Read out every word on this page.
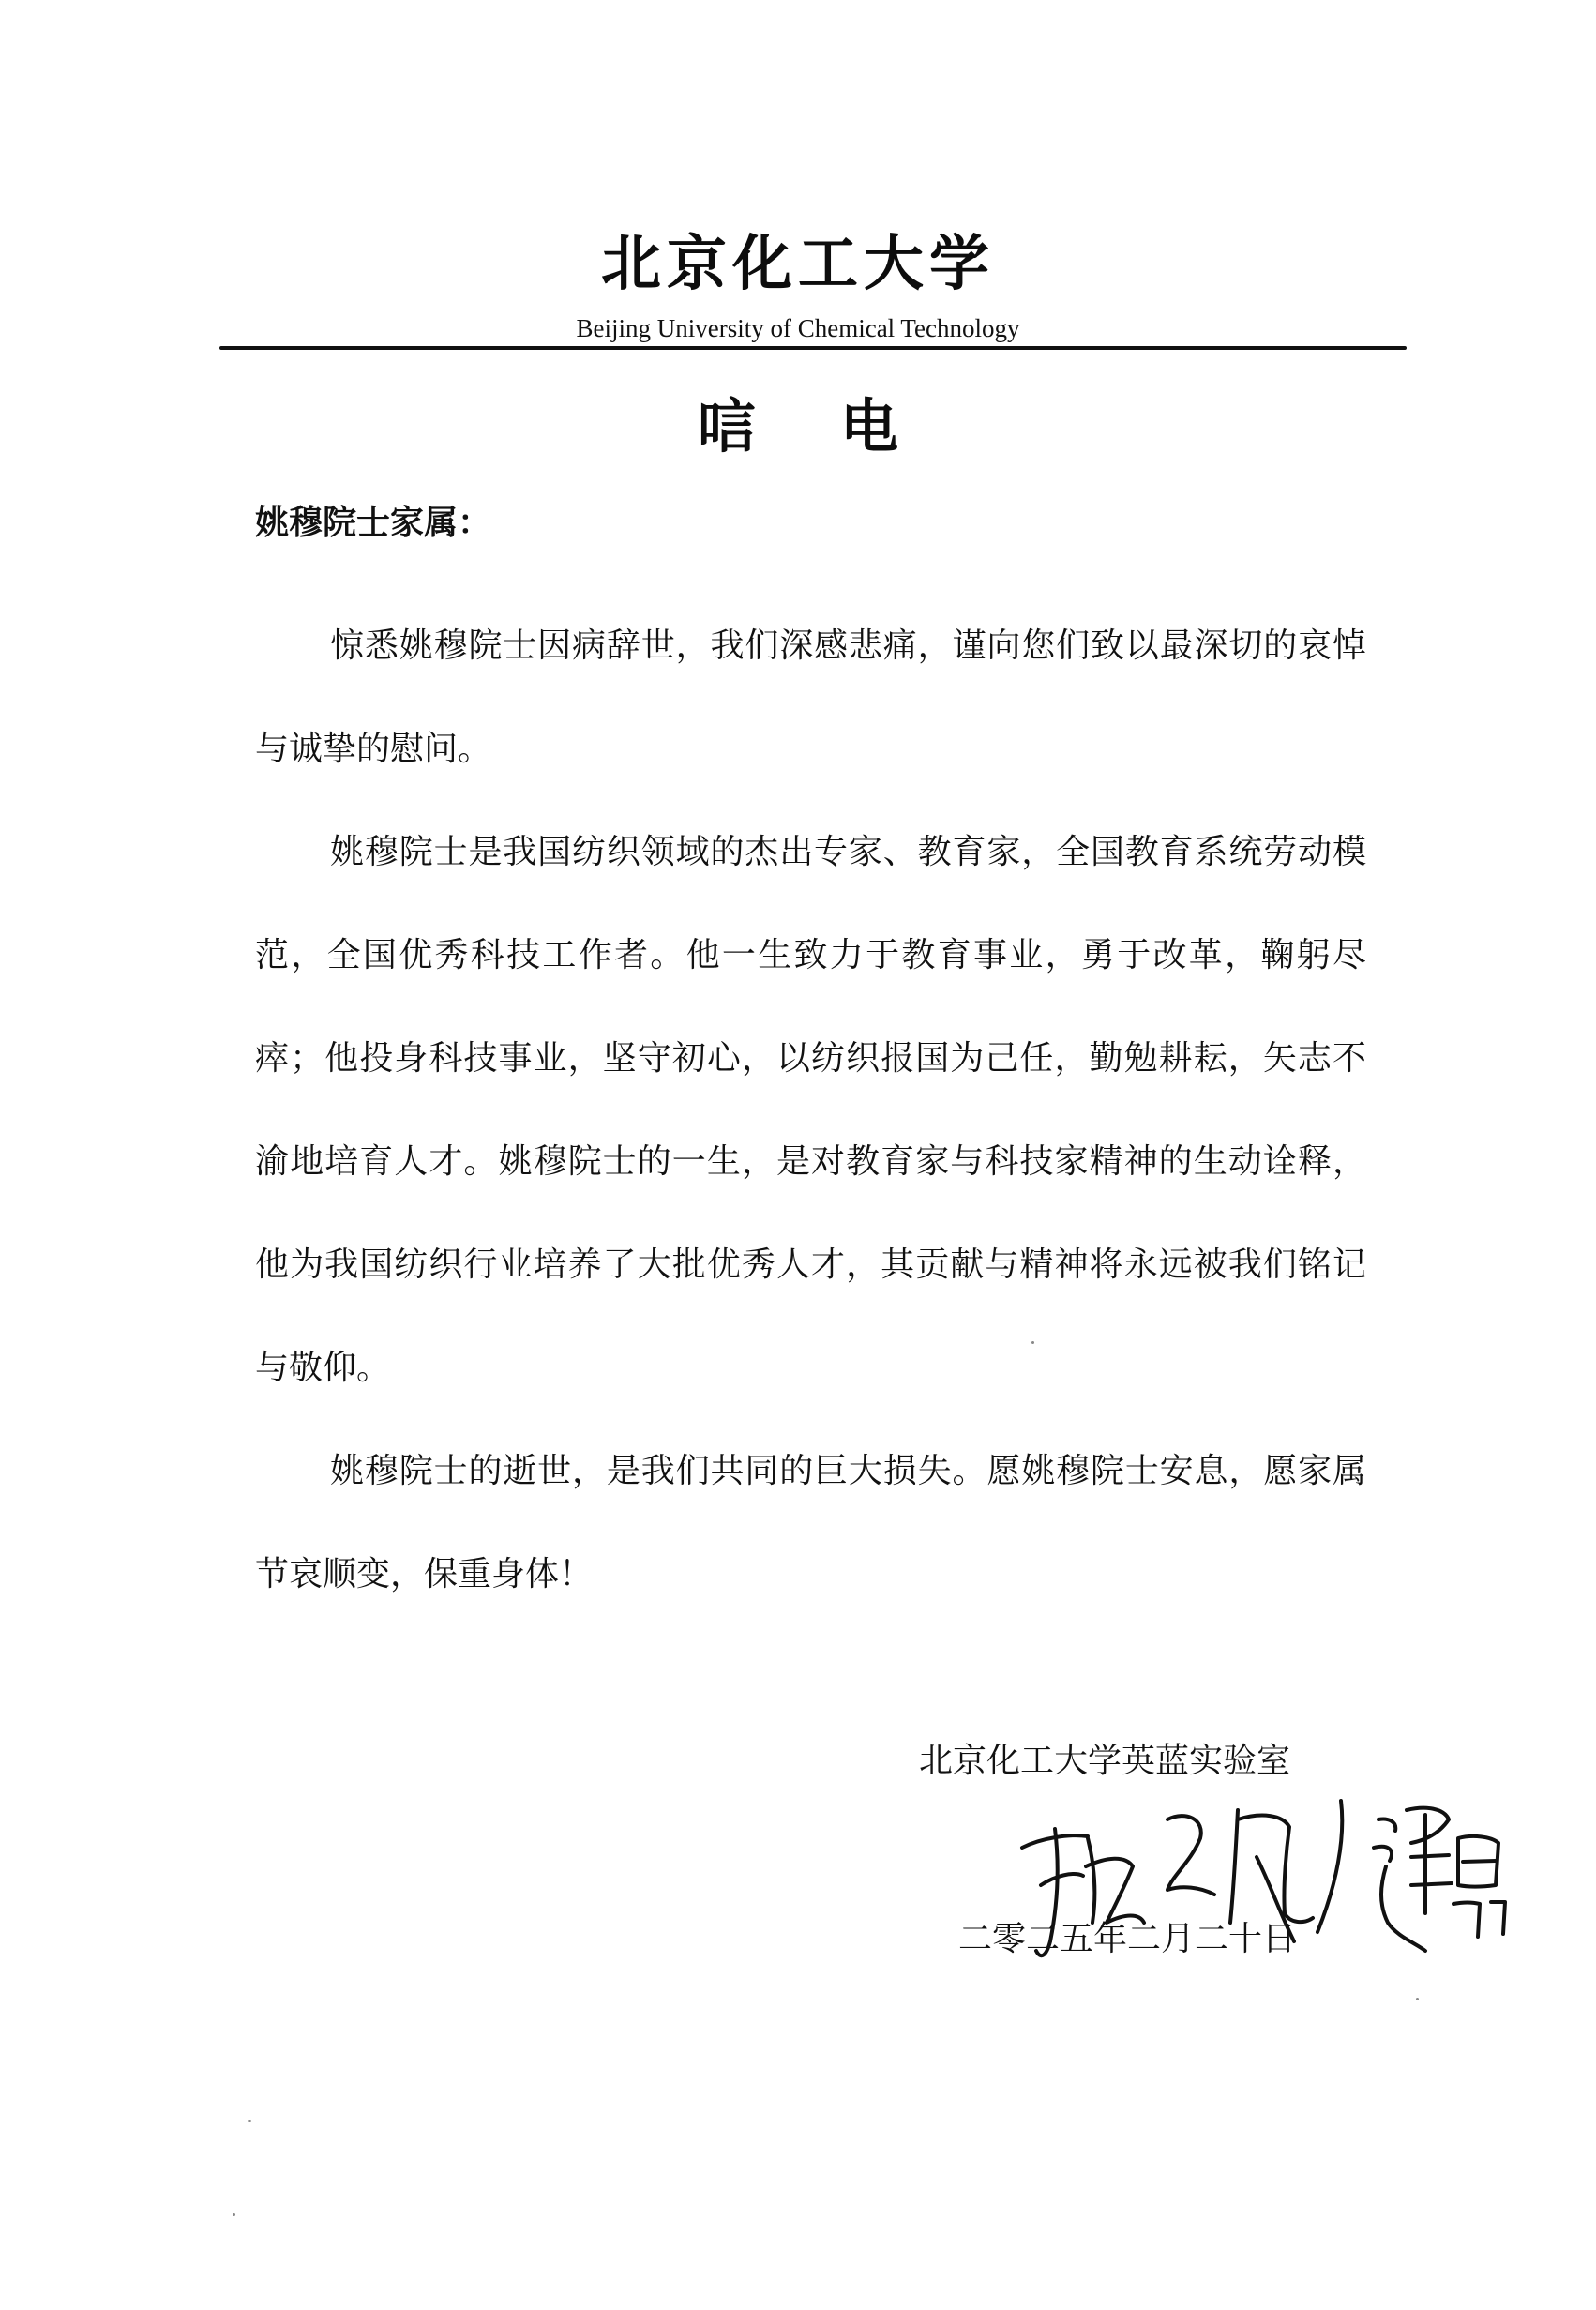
北京化工大学
Beijing University of Chemical Technology
唁电
姚穆院士家属：

惊悉姚穆院士因病辞世，我们深感悲痛，谨向您们致以最深切的哀悼与诚挚的慰问。

姚穆院士是我国纺织领域的杰出专家、教育家，全国教育系统劳动模范，全国优秀科技工作者。他一生致力于教育事业，勇于改革，鞠躬尽瘁；他投身科技事业，坚守初心，以纺织报国为己任，勤勉耕耘，矢志不渝地培育人才。姚穆院士的一生，是对教育家与科技家精神的生动诠释，他为我国纺织行业培养了大批优秀人才，其贡献与精神将永远被我们铭记与敬仰。

姚穆院士的逝世，是我们共同的巨大损失。愿姚穆院士安息，愿家属节哀顺变，保重身体！

北京化工大学英蓝实验室
二零二五年二月二十日
